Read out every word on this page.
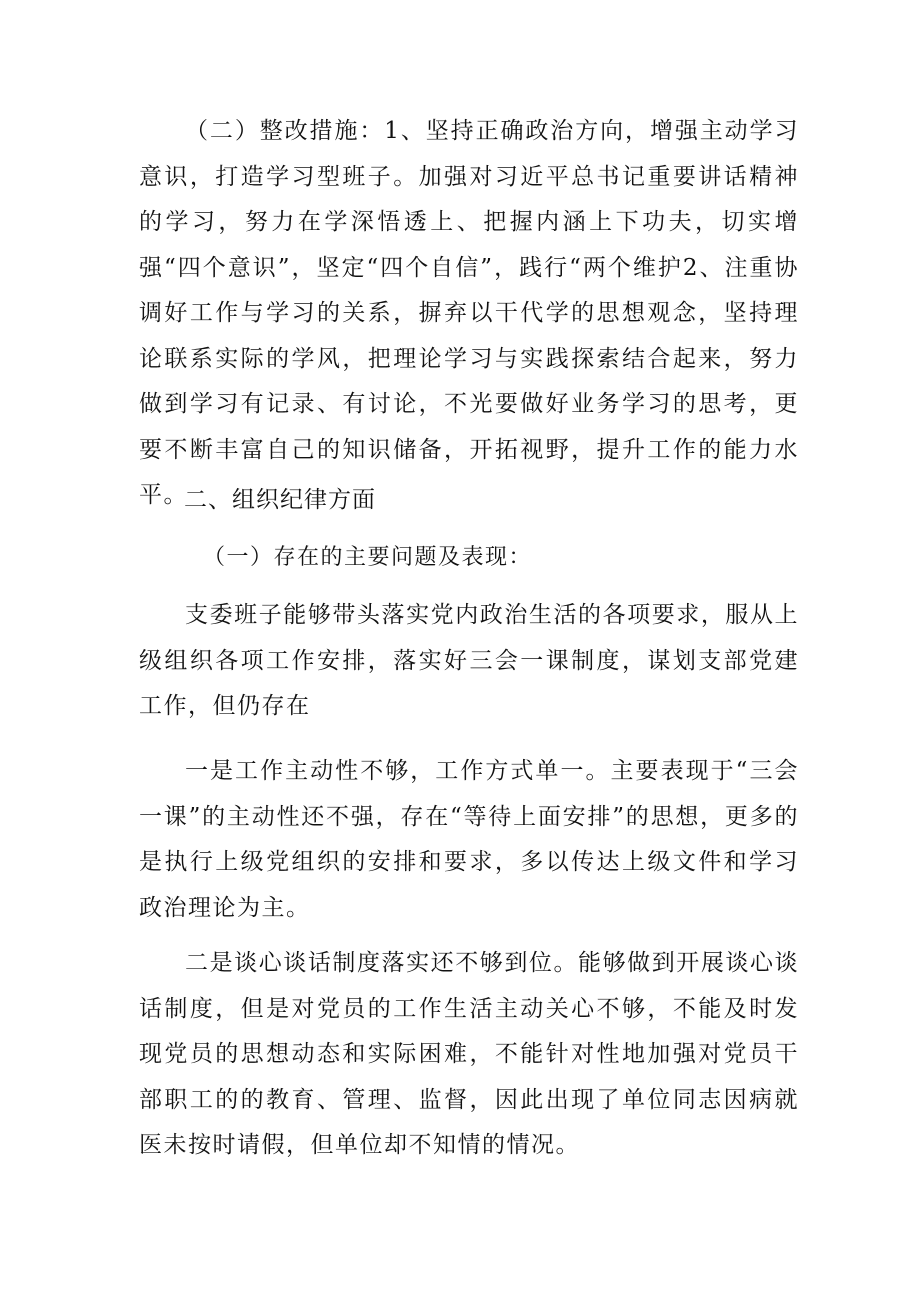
（二）整改措施：1、坚持正确政治方向，增强主动学习意识，打造学习型班子。加强对习近平总书记重要讲话精神的学习，努力在学深悟透上、把握内涵上下功夫，切实增强“四个意识”，坚定“四个自信”，践行“两个维护2、注重协调好工作与学习的关系，摒弃以干代学的思想观念，坚持理论联系实际的学风，把理论学习与实践探索结合起来，努力做到学习有记录、有讨论，不光要做好业务学习的思考，更要不断丰富自己的知识储备，开拓视野，提升工作的能力水平。

二、组织纪律方面

（一）存在的主要问题及表现：

支委班子能够带头落实党内政治生活的各项要求，服从上级组织各项工作安排，落实好三会一课制度，谋划支部党建工作，但仍存在

一是工作主动性不够，工作方式单一。主要表现于“三会一课”的主动性还不强，存在“等待上面安排”的思想，更多的是执行上级党组织的安排和要求，多以传达上级文件和学习政治理论为主。

二是谈心谈话制度落实还不够到位。能够做到开展谈心谈话制度，但是对党员的工作生活主动关心不够，不能及时发现党员的思想动态和实际困难，不能针对性地加强对党员干部职工的的教育、管理、监督，因此出现了单位同志因病就医未按时请假，但单位却不知情的情况。
